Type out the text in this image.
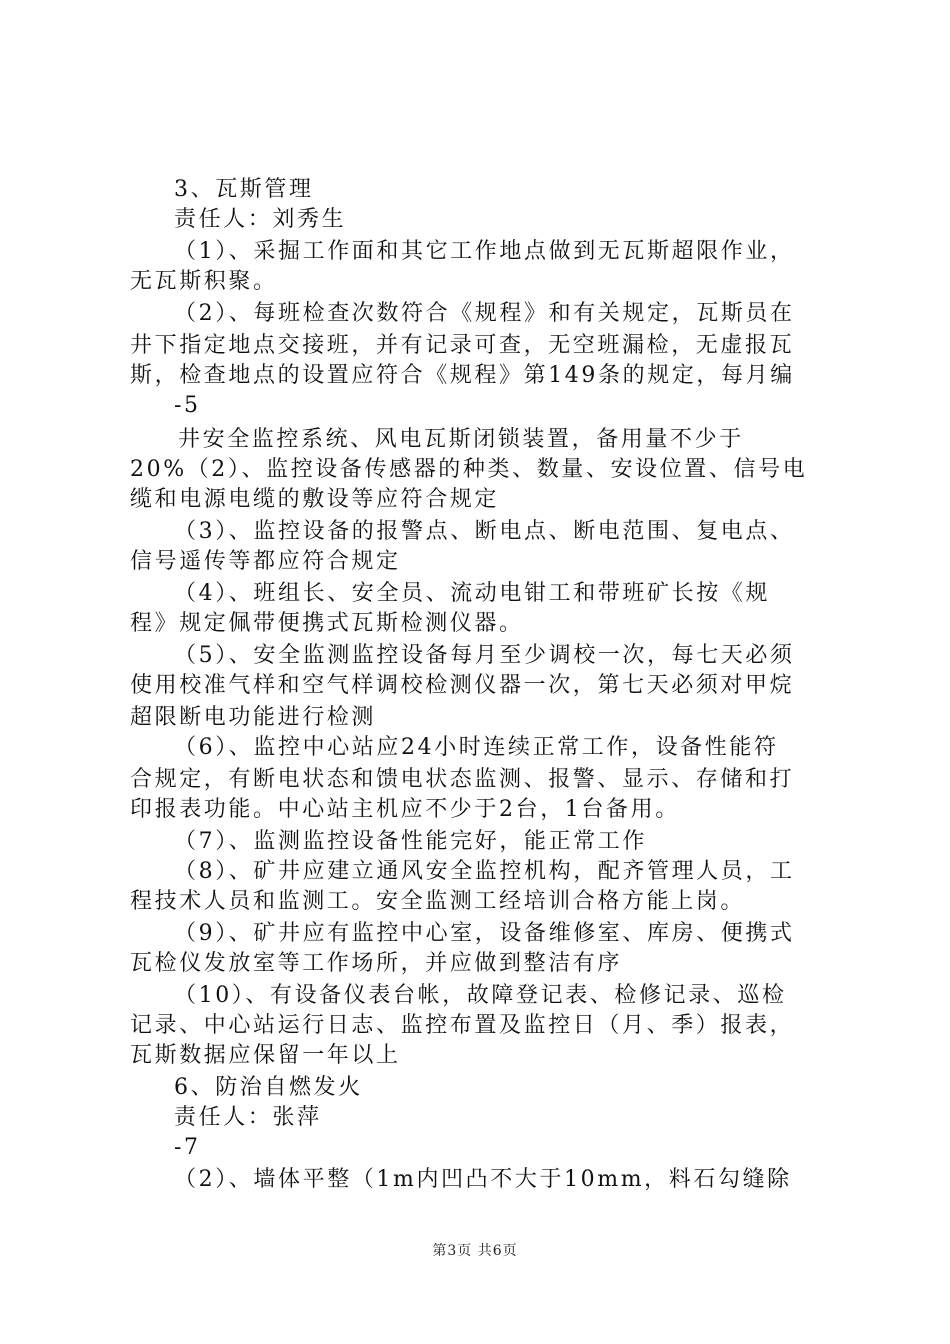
3、瓦斯管理
责任人：刘秀生
（1）、采掘工作面和其它工作地点做到无瓦斯超限作业，
无瓦斯积聚。
（2）、每班检查次数符合《规程》和有关规定，瓦斯员在
井下指定地点交接班，并有记录可查，无空班漏检，无虚报瓦
斯，检查地点的设置应符合《规程》第149条的规定，每月编
-5
井安全监控系统、风电瓦斯闭锁装置，备用量不少于
20%（2）、监控设备传感器的种类、数量、安设位置、信号电
缆和电源电缆的敷设等应符合规定
（3）、监控设备的报警点、断电点、断电范围、复电点、
信号遥传等都应符合规定
（4）、班组长、安全员、流动电钳工和带班矿长按《规
程》规定佩带便携式瓦斯检测仪器。
（5）、安全监测监控设备每月至少调校一次，每七天必须
使用校准气样和空气样调校检测仪器一次，第七天必须对甲烷
超限断电功能进行检测
（6）、监控中心站应24小时连续正常工作，设备性能符
合规定，有断电状态和馈电状态监测、报警、显示、存储和打
印报表功能。中心站主机应不少于2台，1台备用。
（7）、监测监控设备性能完好，能正常工作
（8）、矿井应建立通风安全监控机构，配齐管理人员，工
程技术人员和监测工。安全监测工经培训合格方能上岗。
（9）、矿井应有监控中心室，设备维修室、库房、便携式
瓦检仪发放室等工作场所，并应做到整洁有序
（10）、有设备仪表台帐，故障登记表、检修记录、巡检
记录、中心站运行日志、监控布置及监控日（月、季）报表，
瓦斯数据应保留一年以上
6、防治自燃发火
责任人：张萍
-7
（2）、墙体平整（1m内凹凸不大于10mm，料石勾缝除
第3页 共6页
